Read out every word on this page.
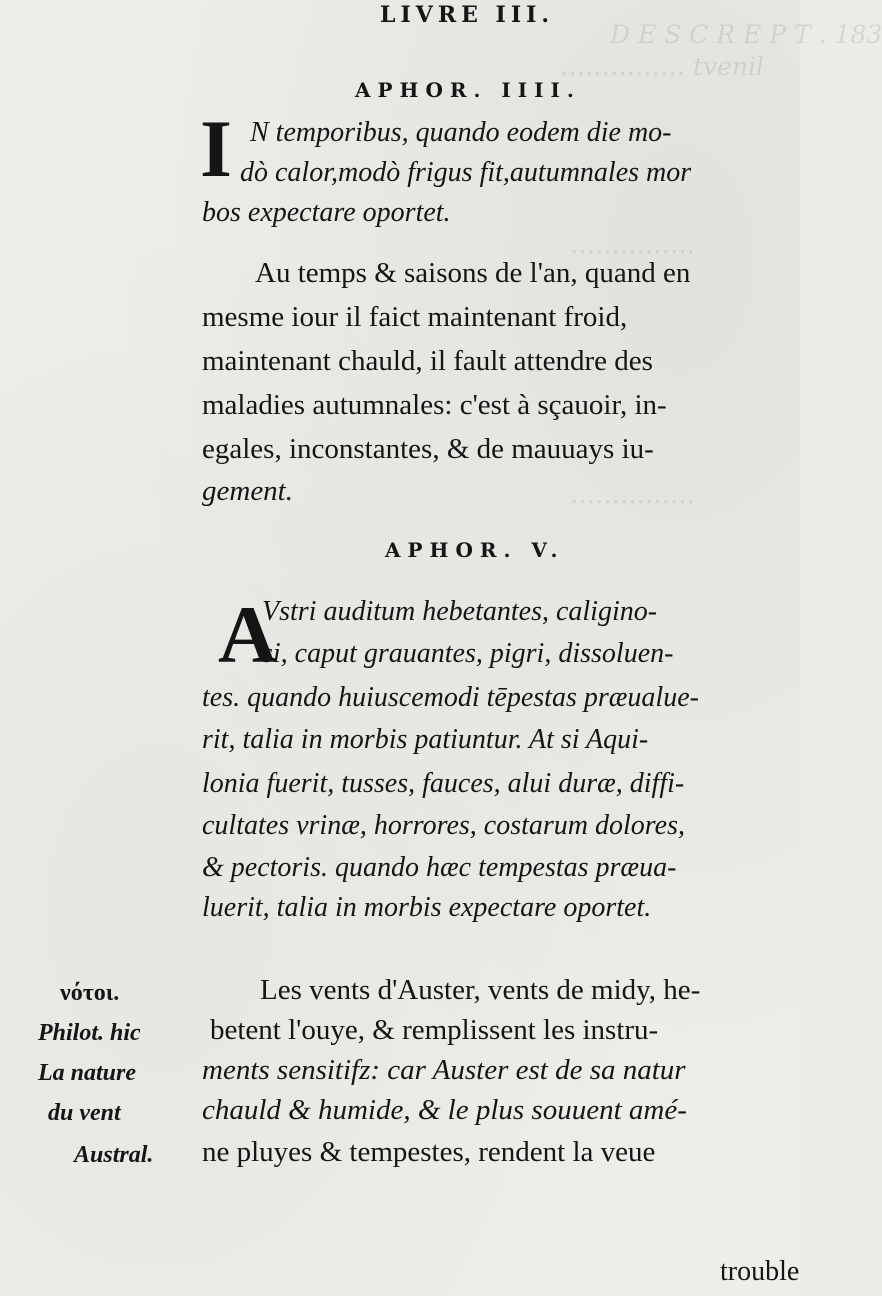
D E S C R E P T . 183
…………… tvenil
……………
……………
LIVRE III.
APHOR. IIII.
I N temporibus, quando eodem die mo-
dò calor,modò frigus fit,autumnales mor
bos expectare oportet.
Au temps & saisons de l'an, quand en
mesme iour il faict maintenant froid,
maintenant chauld, il fault attendre des
maladies autumnales: c'est à sçauoir, in-
egales, inconstantes, & de mauuays iu-
gement.
APHOR. V.
A
Vstri auditum hebetantes, caligino-
si, caput grauantes, pigri, dissoluen-
tes. quando huiuscemodi tēpestas præualue-
rit, talia in morbis patiuntur. At si Aqui-
lonia fuerit, tusses, fauces, alui duræ, diffi-
cultates vrinæ, horrores, costarum dolores,
& pectoris. quando hæc tempestas præua-
luerit, talia in morbis expectare oportet.
Les vents d'Auster, vents de midy, he-
betent l'ouye, & remplissent les instru-
ments sensitifz: car Auster est de sa natur
chauld & humide, & le plus souuent amé-
ne pluyes & tempestes, rendent la veue
trouble
νότοι.
Philot. hic
La nature
du vent
Austral.
